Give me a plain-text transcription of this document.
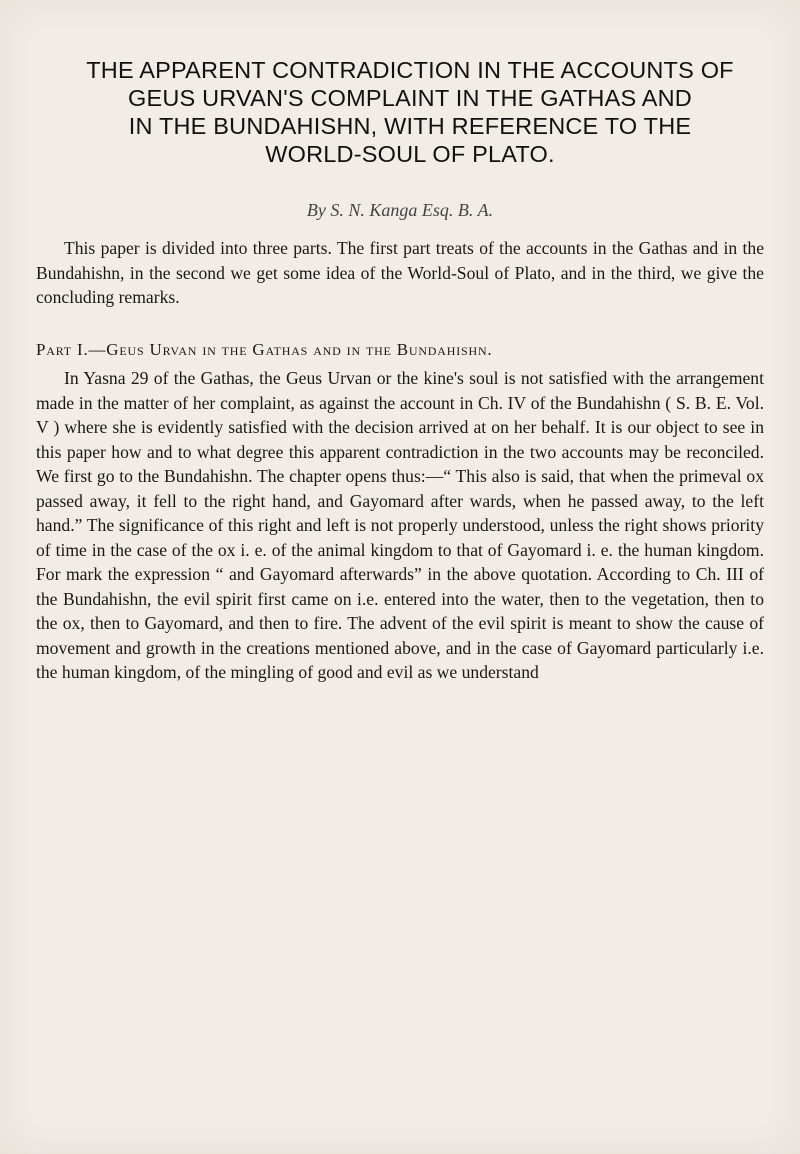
THE APPARENT CONTRADICTION IN THE ACCOUNTS OF
GEUS URVAN'S COMPLAINT IN THE GATHAS AND
IN THE BUNDAHISHN, WITH REFERENCE TO THE
WORLD-SOUL OF PLATO.
By S. N. Kanga Esq. B. A.

This paper is divided into three parts. The first part treats of the accounts in the Gathas and in the Bundahishn, in the second we get some idea of the World-Soul of Plato, and in the third, we give the concluding remarks.

Part I.—Geus Urvan in the Gathas and in the Bundahishn.

In Yasna 29 of the Gathas, the Geus Urvan or the kine's soul is not satisfied with the arrangement made in the matter of her complaint, as against the account in Ch. IV of the Bundahishn ( S. B. E. Vol. V ) where she is evidently satisfied with the decision arrived at on her behalf. It is our object to see in this paper how and to what degree this apparent contradiction in the two accounts may be reconciled. We first go to the Bundahishn. The chapter opens thus:—“ This also is said, that when the primeval ox passed away, it fell to the right hand, and Gayomard after wards, when he passed away, to the left hand.” The significance of this right and left is not properly understood, unless the right shows priority of time in the case of the ox i. e. of the animal kingdom to that of Gayomard i. e. the human kingdom. For mark the expression “ and Gayomard afterwards” in the above quotation. According to Ch. III of the Bundahishn, the evil spirit first came on i.e. entered into the water, then to the vegetation, then to the ox, then to Gayomard, and then to fire. The advent of the evil spirit is meant to show the cause of movement and growth in the creations mentioned above, and in the case of Gayomard particularly i.e. the human kingdom, of the mingling of good and evil as we understand
